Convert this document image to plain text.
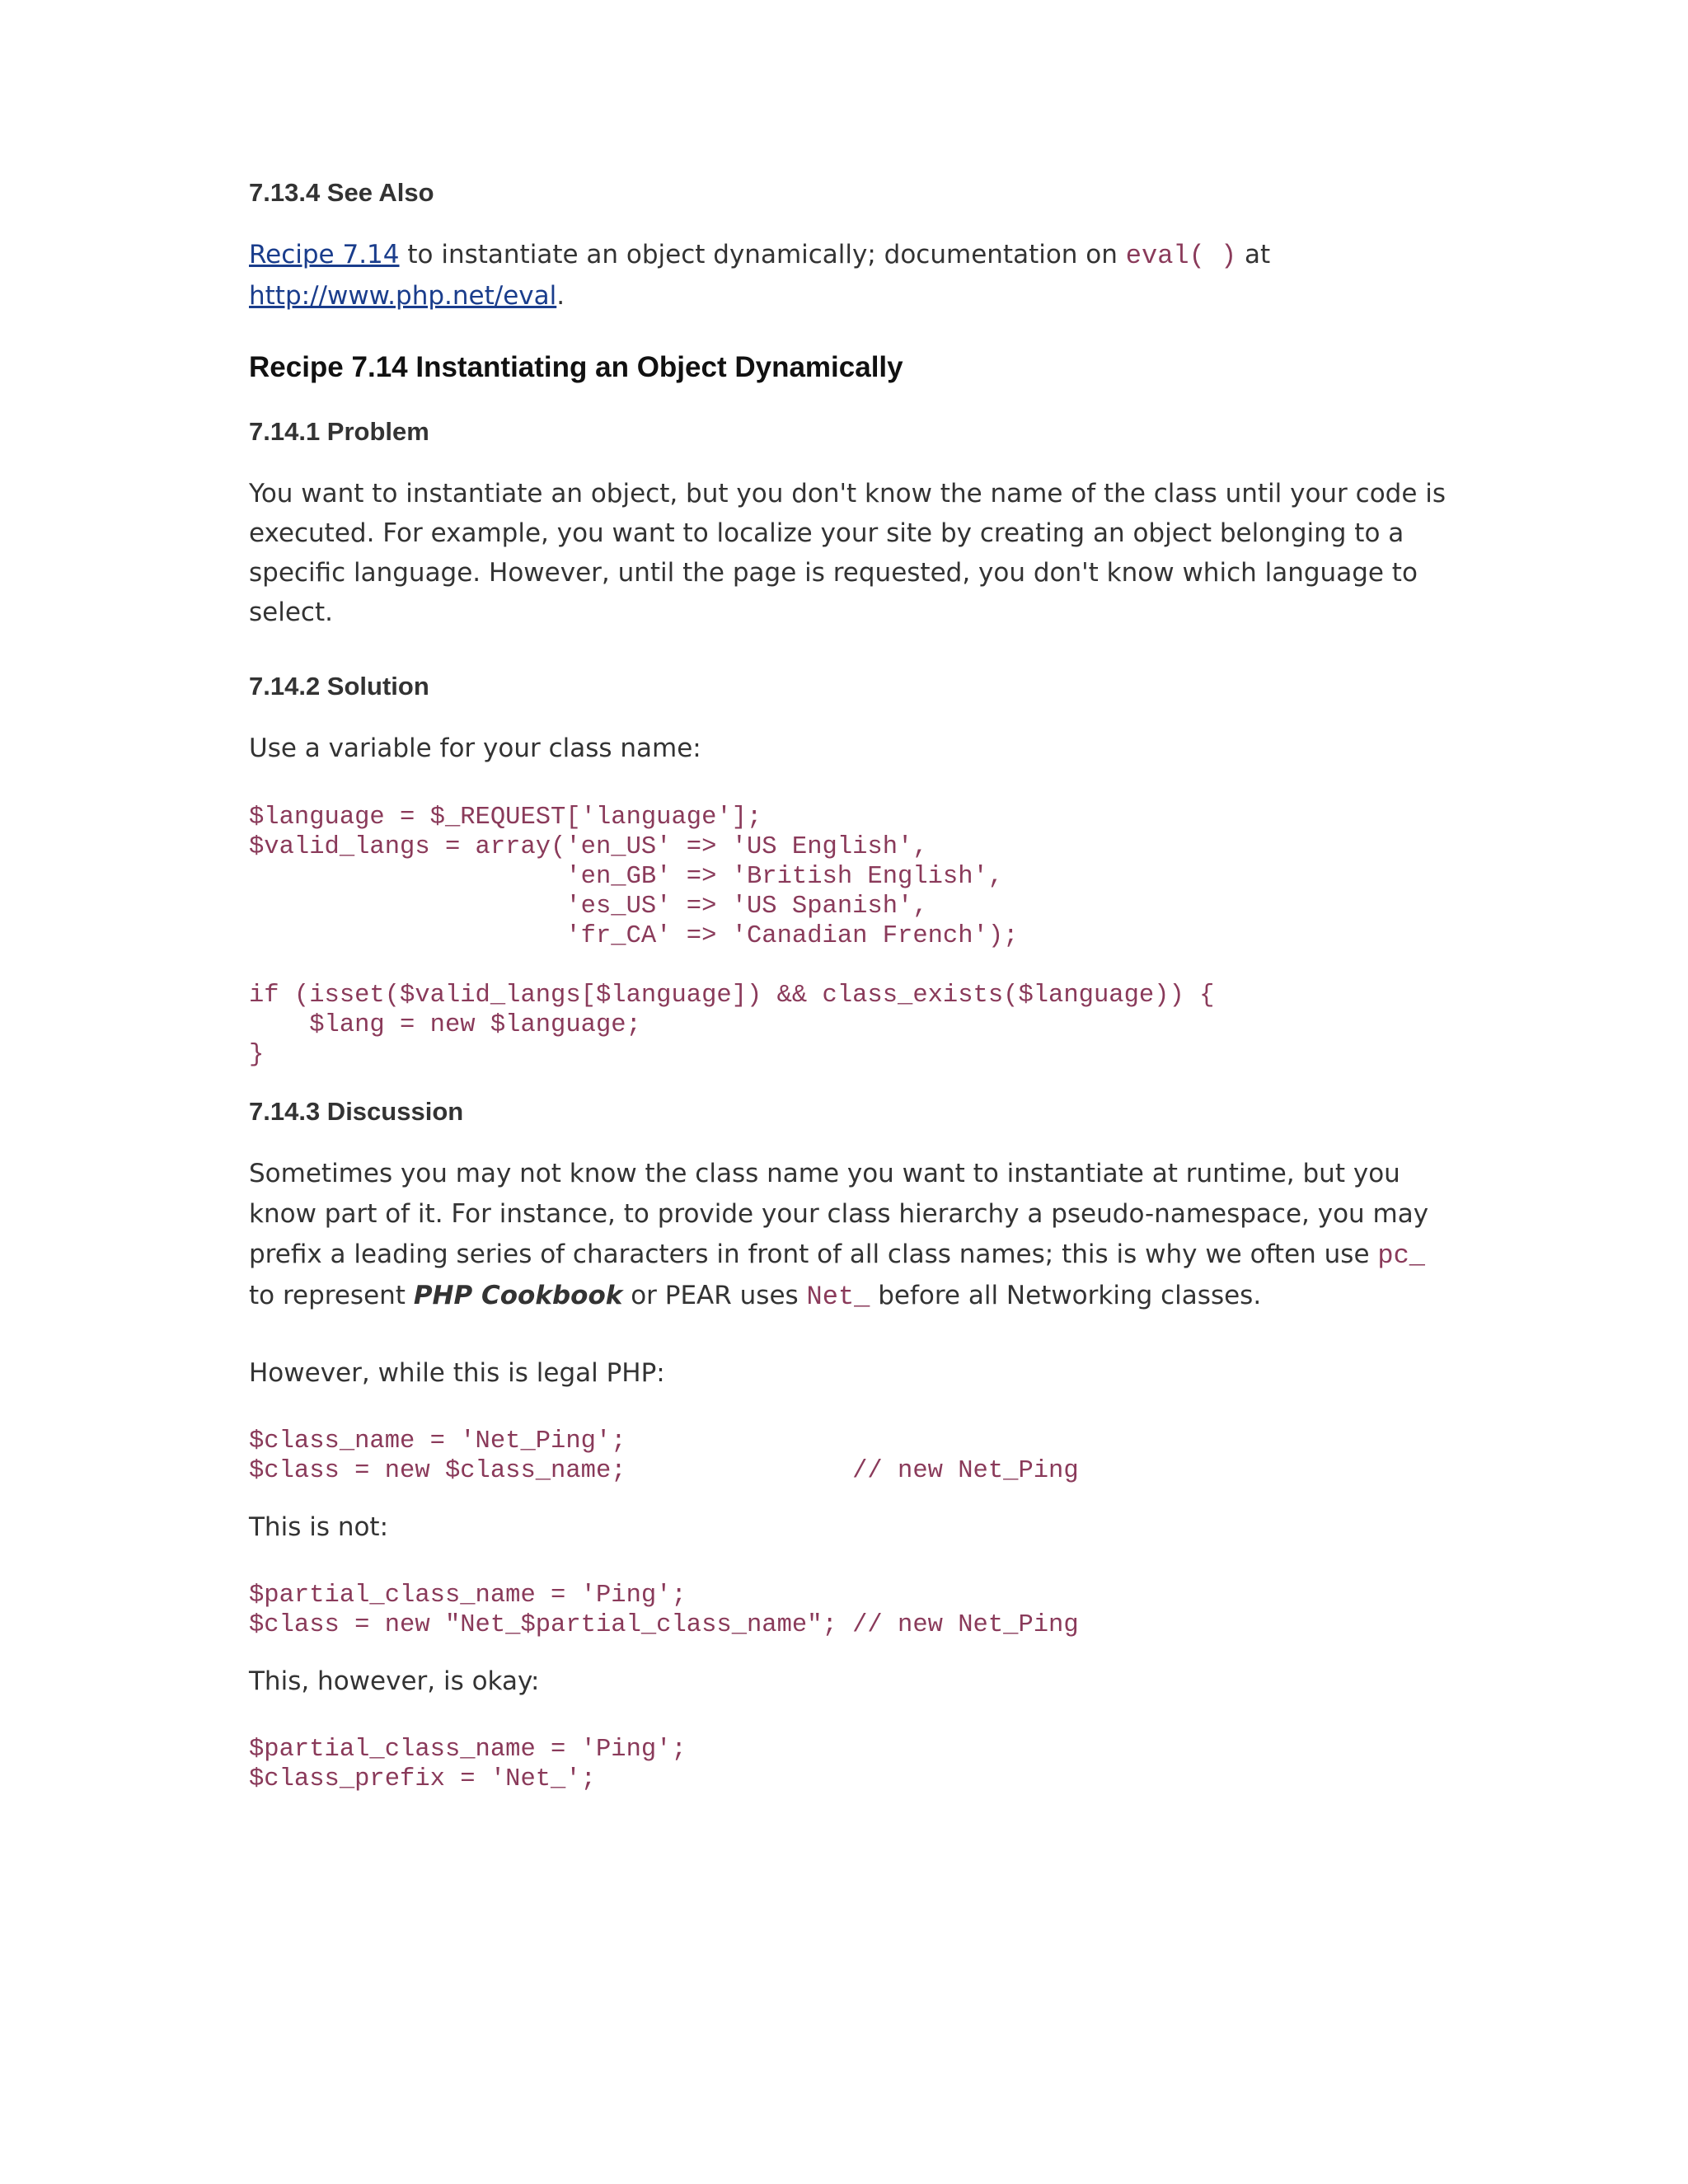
7.13.4 See Also

Recipe 7.14 to instantiate an object dynamically; documentation on eval( ) at
http://www.php.net/eval.

Recipe 7.14 Instantiating an Object Dynamically
7.14.1 Problem

You want to instantiate an object, but you don't know the name of the class until your code is executed. For example, you want to localize your site by creating an object belonging to a specific language. However, until the page is requested, you don't know which language to select.

7.14.2 Solution

Use a variable for your class name:

$language = $_REQUEST['language'];
$valid_langs = array('en_US' => 'US English',
'en_GB' => 'British English',
'es_US' => 'US Spanish',
'fr_CA' => 'Canadian French');

if (isset($valid_langs[$language]) && class_exists($language)) {
$lang = new $language;
}
7.14.3 Discussion

Sometimes you may not know the class name you want to instantiate at runtime, but you know part of it. For instance, to provide your class hierarchy a pseudo-namespace, you may prefix a leading series of characters in front of all class names; this is why we often use pc_ to represent PHP Cookbook or PEAR uses Net_ before all Networking classes.

However, while this is legal PHP:

$class_name = 'Net_Ping';
$class = new $class_name;               // new Net_Ping

This is not:

$partial_class_name = 'Ping';
$class = new "Net_$partial_class_name"; // new Net_Ping

This, however, is okay:

$partial_class_name = 'Ping';
$class_prefix = 'Net_';
